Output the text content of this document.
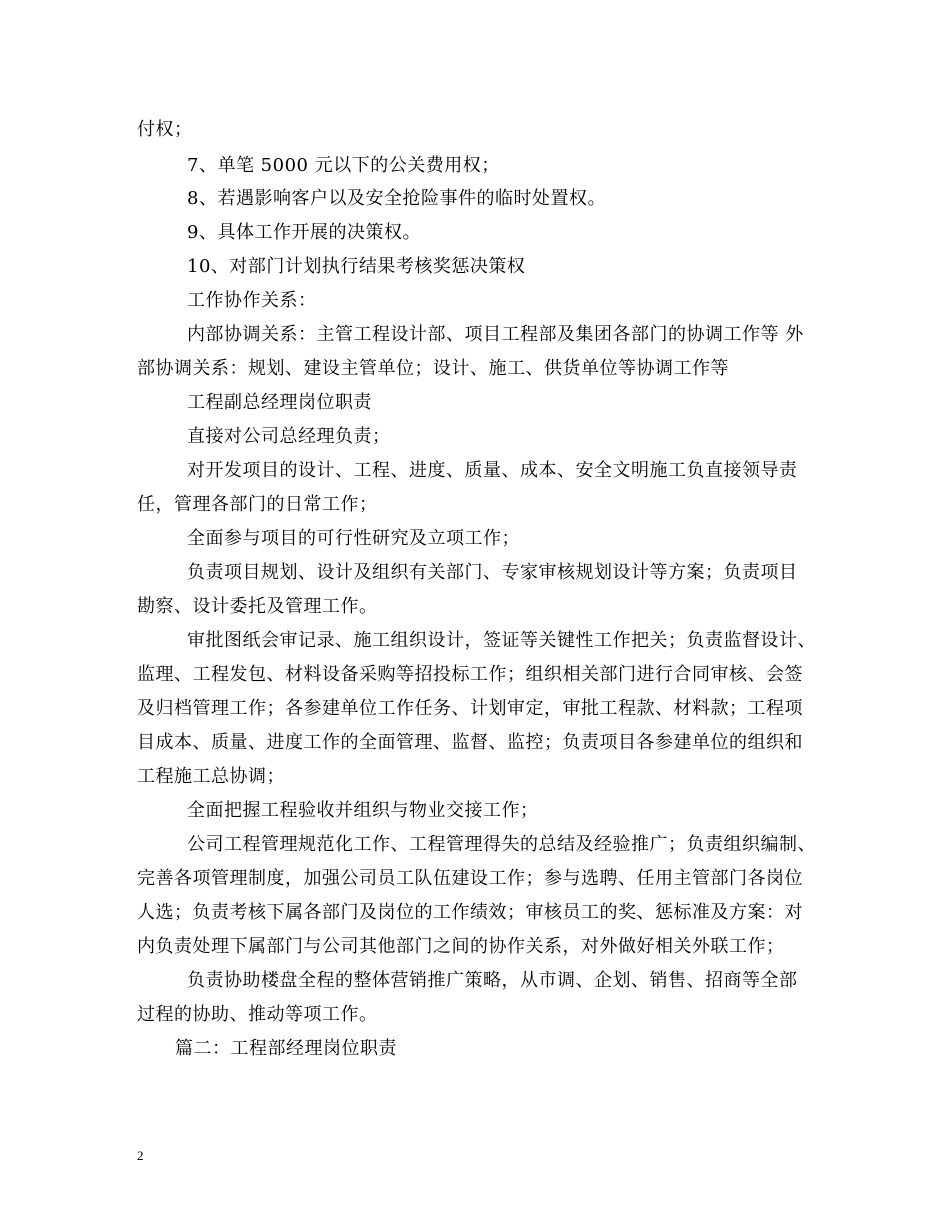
付权；
7、单笔 5000 元以下的公关费用权；
8、若遇影响客户以及安全抢险事件的临时处置权。
9、具体工作开展的决策权。
10、对部门计划执行结果考核奖惩决策权
工作协作关系：
内部协调关系：主管工程设计部、项目工程部及集团各部门的协调工作等 外
部协调关系：规划、建设主管单位；设计、施工、供货单位等协调工作等
工程副总经理岗位职责
直接对公司总经理负责；
对开发项目的设计、工程、进度、质量、成本、安全文明施工负直接领导责
任，管理各部门的日常工作；
全面参与项目的可行性研究及立项工作；
负责项目规划、设计及组织有关部门、专家审核规划设计等方案；负责项目
勘察、设计委托及管理工作。
审批图纸会审记录、施工组织设计，签证等关键性工作把关；负责监督设计、
监理、工程发包、材料设备采购等招投标工作；组织相关部门进行合同审核、会签
及归档管理工作；各参建单位工作任务、计划审定，审批工程款、材料款；工程项
目成本、质量、进度工作的全面管理、监督、监控；负责项目各参建单位的组织和
工程施工总协调；
全面把握工程验收并组织与物业交接工作；
公司工程管理规范化工作、工程管理得失的总结及经验推广；负责组织编制、
完善各项管理制度，加强公司员工队伍建设工作；参与选聘、任用主管部门各岗位
人选；负责考核下属各部门及岗位的工作绩效；审核员工的奖、惩标准及方案：对
内负责处理下属部门与公司其他部门之间的协作关系，对外做好相关外联工作；
负责协助楼盘全程的整体营销推广策略，从市调、企划、销售、招商等全部
过程的协助、推动等项工作。
篇二：工程部经理岗位职责
2
